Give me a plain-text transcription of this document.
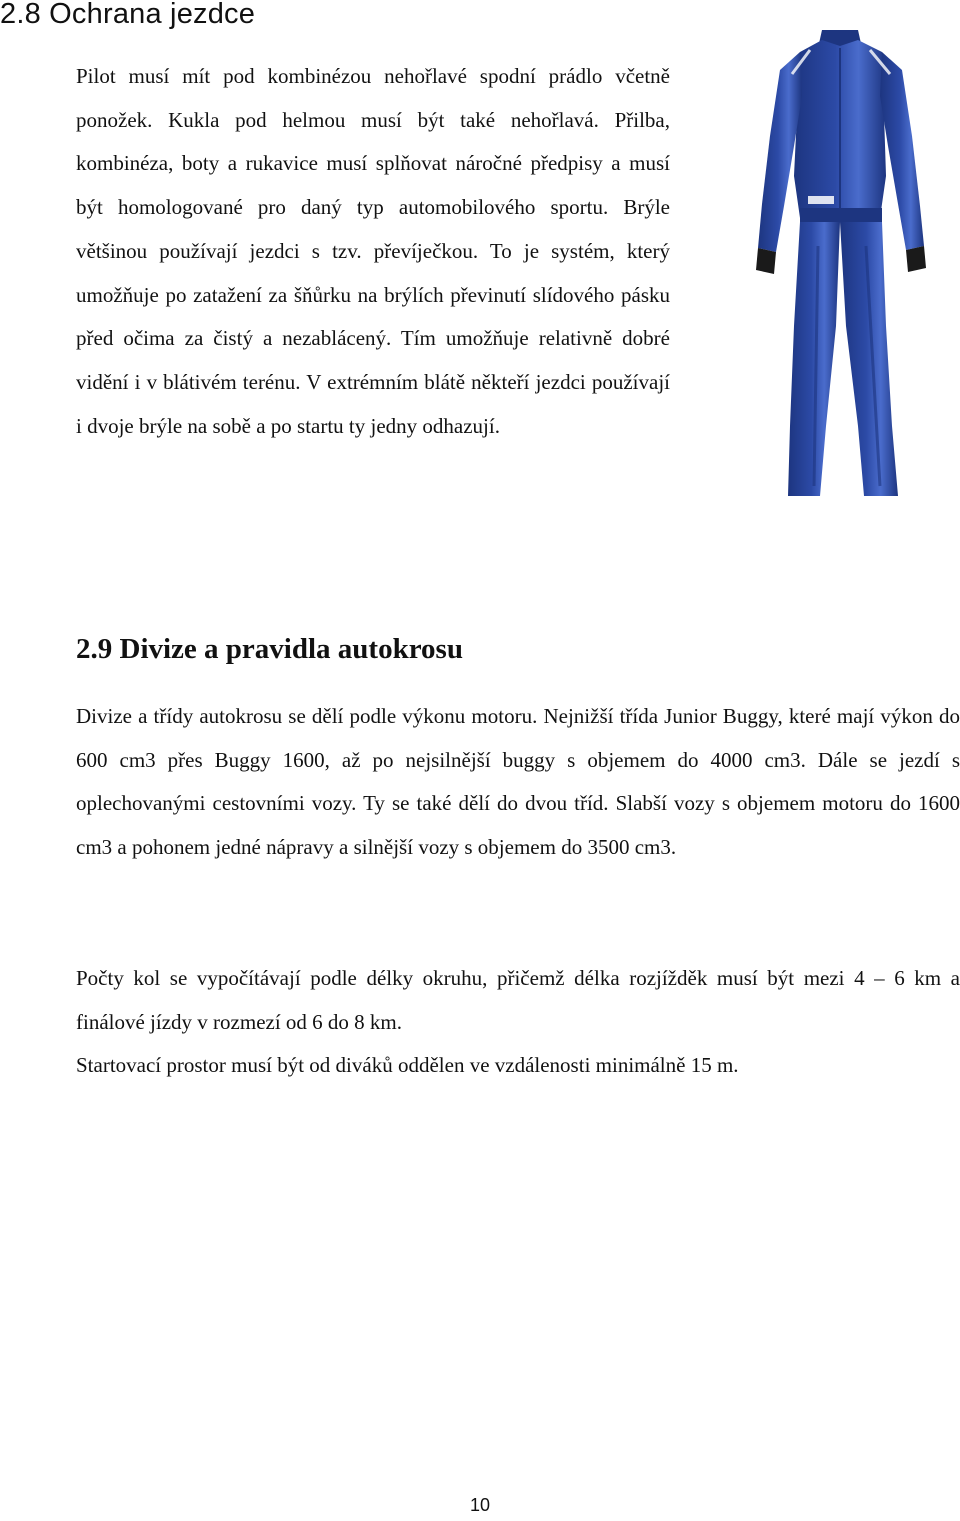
2.8 Ochrana jezdce

Pilot musí mít pod kombinézou nehořlavé spodní prádlo včetně ponožek. Kukla pod helmou musí být také nehořlavá. Přilba, kombinéza, boty a rukavice musí splňovat náročné předpisy a musí být homologované pro daný typ automobilového sportu. Brýle většinou používají jezdci s tzv. převíječkou. To je systém, který umožňuje po zatažení za šňůrku na brýlích převinutí slídového pásku před očima za čistý a nezablácený. Tím umožňuje relativně dobré vidění i v blátivém terénu. V extrémním blátě někteří jezdci používají i dvoje brýle na sobě a po startu ty jedny odhazují.

2.9 Divize a pravidla autokrosu

Divize a třídy autokrosu se dělí podle výkonu motoru. Nejnižší třída Junior Buggy, které mají výkon do 600 cm3 přes Buggy 1600, až po nejsilnější buggy s objemem do 4000 cm3. Dále se jezdí s oplechovanými cestovními vozy. Ty se také dělí do dvou tříd. Slabší vozy s objemem motoru do 1600 cm3 a pohonem jedné nápravy a silnější vozy s objemem do 3500 cm3.

Počty kol se vypočítávají podle délky okruhu, přičemž délka rozjížděk musí být mezi 4 – 6 km a finálové jízdy v rozmezí od 6 do 8 km.

Startovací prostor musí být od diváků oddělen ve vzdálenosti minimálně 15 m.

10
